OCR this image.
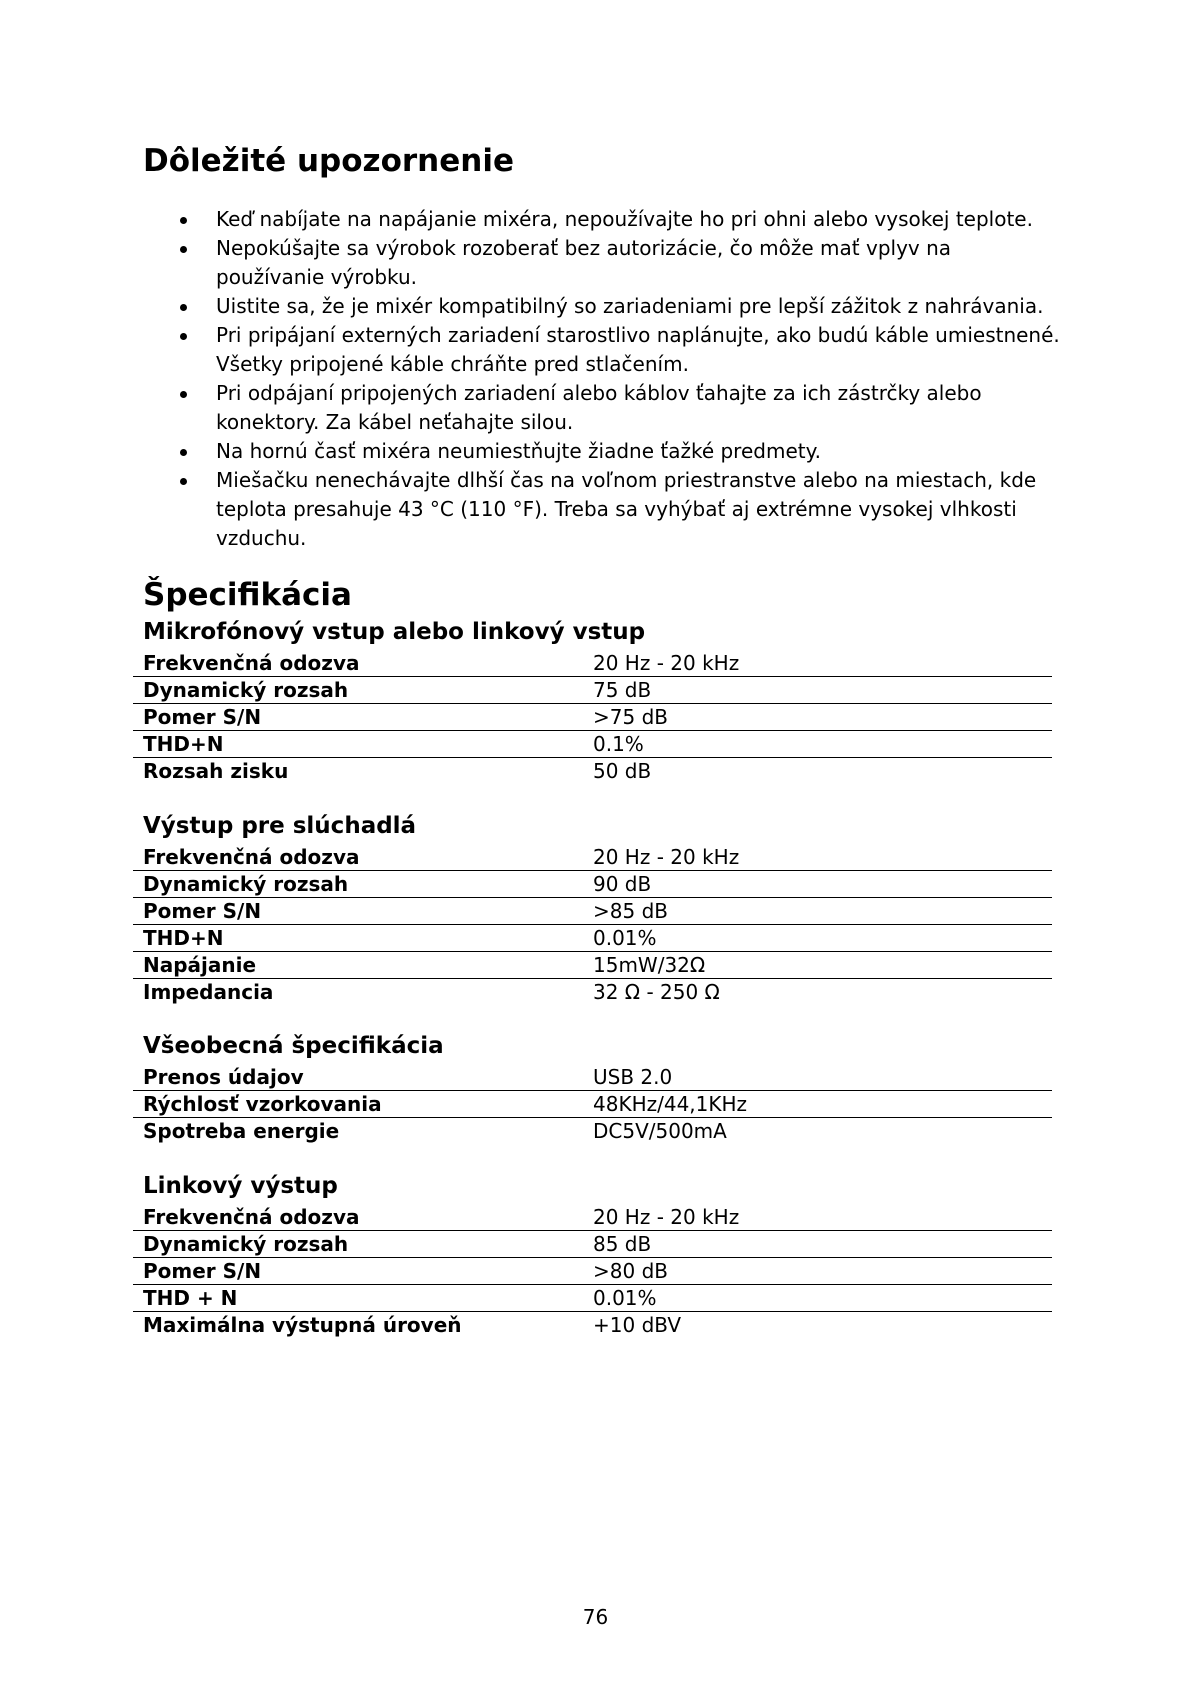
Dôležité upozornenie
Keď nabíjate na napájanie mixéra, nepoužívajte ho pri ohni alebo vysokej teplote.
Nepokúšajte sa výrobok rozoberať bez autorizácie, čo môže mať vplyv na používanie výrobku.
Uistite sa, že je mixér kompatibilný so zariadeniami pre lepší zážitok z nahrávania.
Pri pripájaní externých zariadení starostlivo naplánujte, ako budú káble umiestnené. Všetky pripojené káble chráňte pred stlačením.
Pri odpájaní pripojených zariadení alebo káblov ťahajte za ich zástrčky alebo konektory. Za kábel neťahajte silou.
Na hornú časť mixéra neumiestňujte žiadne ťažké predmety.
Miešačku nenechávajte dlhší čas na voľnom priestranstve alebo na miestach, kde teplota presahuje 43 °C (110 °F). Treba sa vyhýbať aj extrémne vysokej vlhkosti vzduchu.
Špecifikácia
Mikrofónový vstup alebo linkový vstup
Frekvenčná odozva	20 Hz - 20 kHz
Dynamický rozsah	75 dB
Pomer S/N	>75 dB
THD+N	0.1%
Rozsah zisku	50 dB
Výstup pre slúchadlá
Frekvenčná odozva	20 Hz - 20 kHz
Dynamický rozsah	90 dB
Pomer S/N	>85 dB
THD+N	0.01%
Napájanie	15mW/32Ω
Impedancia	32 Ω - 250 Ω
Všeobecná špecifikácia
Prenos údajov	USB 2.0
Rýchlosť vzorkovania	48KHz/44,1KHz
Spotreba energie	DC5V/500mA
Linkový výstup
Frekvenčná odozva	20 Hz - 20 kHz
Dynamický rozsah	85 dB
Pomer S/N	>80 dB
THD + N	0.01%
Maximálna výstupná úroveň	+10 dBV
76
